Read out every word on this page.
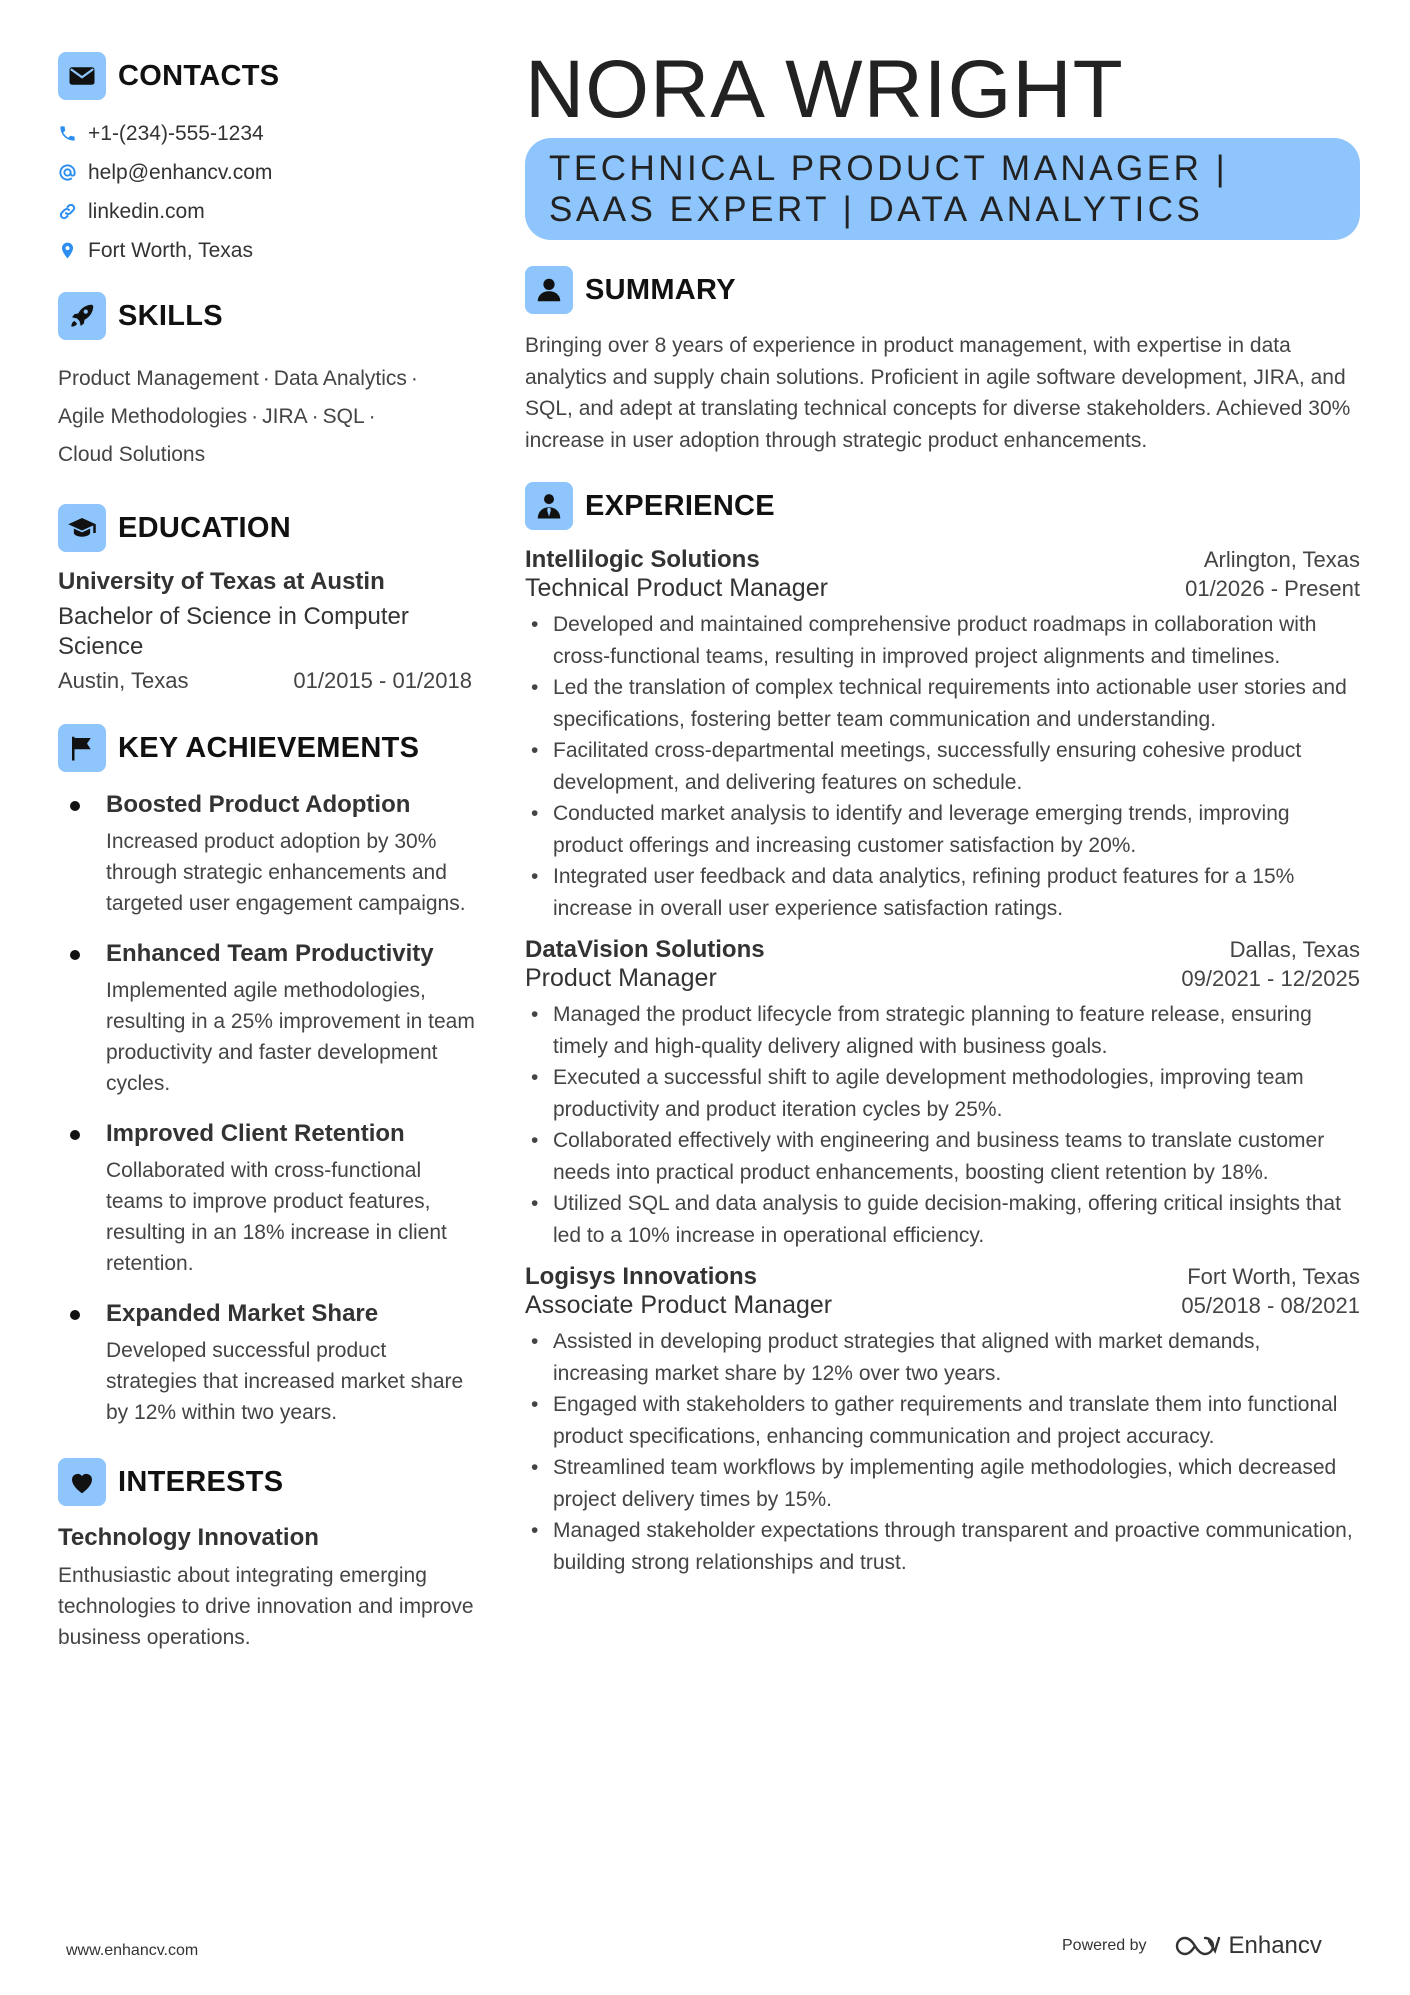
CONTACTS
+1-(234)-555-1234
help@enhancv.com
linkedin.com
Fort Worth, Texas
SKILLS
Product Management · Data Analytics ·
Agile Methodologies · JIRA · SQL ·
Cloud Solutions
EDUCATION
University of Texas at Austin
Bachelor of Science in Computer Science
Austin, Texas	01/2015 - 01/2018
KEY ACHIEVEMENTS
Boosted Product Adoption
Increased product adoption by 30% through strategic enhancements and targeted user engagement campaigns.
Enhanced Team Productivity
Implemented agile methodologies, resulting in a 25% improvement in team productivity and faster development cycles.
Improved Client Retention
Collaborated with cross-functional teams to improve product features, resulting in an 18% increase in client retention.
Expanded Market Share
Developed successful product strategies that increased market share by 12% within two years.
INTERESTS
Technology Innovation
Enthusiastic about integrating emerging technologies to drive innovation and improve business operations.
NORA WRIGHT
TECHNICAL PRODUCT MANAGER | SAAS EXPERT | DATA ANALYTICS
SUMMARY
Bringing over 8 years of experience in product management, with expertise in data analytics and supply chain solutions. Proficient in agile software development, JIRA, and SQL, and adept at translating technical concepts for diverse stakeholders. Achieved 30% increase in user adoption through strategic product enhancements.
EXPERIENCE
Intellilogic Solutions	Arlington, Texas
Technical Product Manager	01/2026 - Present
• Developed and maintained comprehensive product roadmaps in collaboration with cross-functional teams, resulting in improved project alignments and timelines.
• Led the translation of complex technical requirements into actionable user stories and specifications, fostering better team communication and understanding.
• Facilitated cross-departmental meetings, successfully ensuring cohesive product development, and delivering features on schedule.
• Conducted market analysis to identify and leverage emerging trends, improving product offerings and increasing customer satisfaction by 20%.
• Integrated user feedback and data analytics, refining product features for a 15% increase in overall user experience satisfaction ratings.
DataVision Solutions	Dallas, Texas
Product Manager	09/2021 - 12/2025
• Managed the product lifecycle from strategic planning to feature release, ensuring timely and high-quality delivery aligned with business goals.
• Executed a successful shift to agile development methodologies, improving team productivity and product iteration cycles by 25%.
• Collaborated effectively with engineering and business teams to translate customer needs into practical product enhancements, boosting client retention by 18%.
• Utilized SQL and data analysis to guide decision-making, offering critical insights that led to a 10% increase in operational efficiency.
Logisys Innovations	Fort Worth, Texas
Associate Product Manager	05/2018 - 08/2021
• Assisted in developing product strategies that aligned with market demands, increasing market share by 12% over two years.
• Engaged with stakeholders to gather requirements and translate them into functional product specifications, enhancing communication and project accuracy.
• Streamlined team workflows by implementing agile methodologies, which decreased project delivery times by 15%.
• Managed stakeholder expectations through transparent and proactive communication, building strong relationships and trust.
www.enhancv.com	Powered by	Enhancv
